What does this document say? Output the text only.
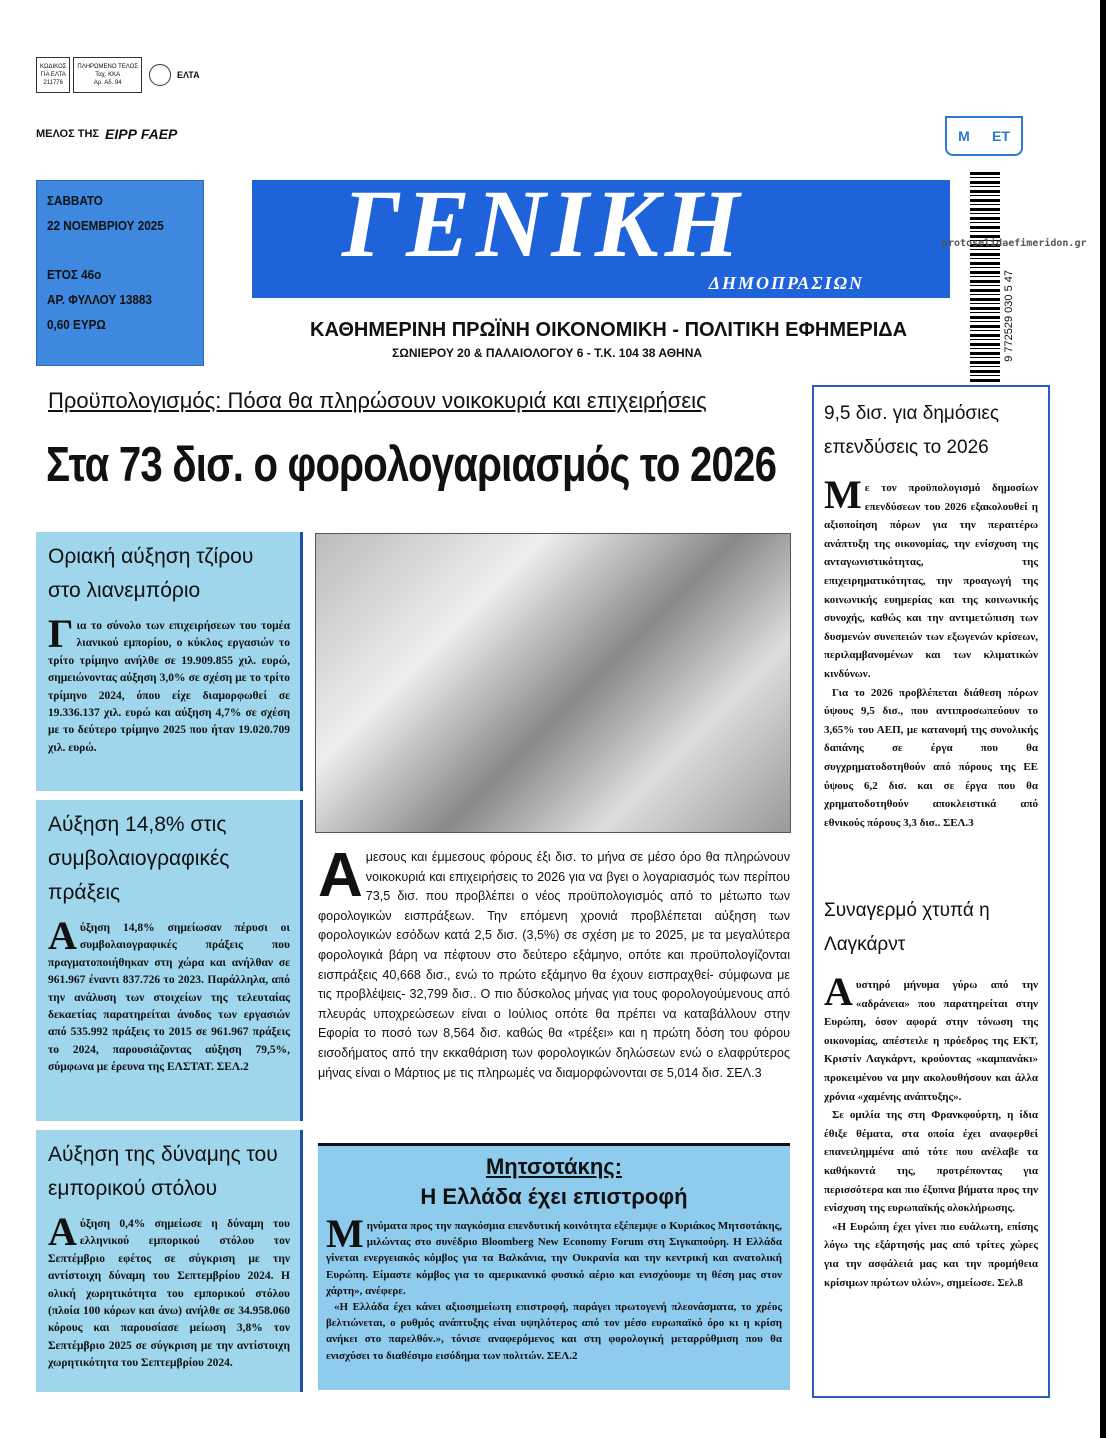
ΚΩΔΙΚΟΣ
ΓΙΑ ΕΛΤΑ
211776
ΠΛΗΡΩΜΕΝΟ ΤΕΛΟΣ
Ταχ. ΚΚΑ
Αρ. Αδ. 94
ΕΛΤΑ
ΜΕΛΟΣ ΤΗΣ ΕΙΡΡ FAEP
ΣΑΒΒΑΤΟ
22 ΝΟΕΜΒΡΙΟΥ 2025
ΕΤΟΣ 46ο
ΑΡ. ΦΥΛΛΟΥ 13883
0,60 ΕΥΡΩ
ΓΕΝΙΚΗ
ΔΗΜΟΠΡΑΣΙΩΝ
ΚΑΘΗΜΕΡΙΝΗ ΠΡΩΪΝΗ ΟΙΚΟΝΟΜΙΚΗ - ΠΟΛΙΤΙΚΗ ΕΦΗΜΕΡΙΔΑ
ΣΩΝΙΕΡΟΥ 20 & ΠΑΛΑΙΟΛΟΓΟΥ 6 - Τ.Κ. 104 38 ΑΘΗΝΑ
Μ ΕΤ
9 772529 030 5 47
protoselidaefimeridon.gr
Προϋπολογισμός: Πόσα θα πληρώσουν νοικοκυριά και επιχειρήσεις
Στα 73 δισ. ο φορολογαριασμός το 2026
Οριακή αύξηση τζίρου στο λιανεμπόριο

Για το σύνολο των επιχειρήσεων του τομέα λιανικού εμπορίου, ο κύκλος εργασιών το τρίτο τρίμηνο ανήλθε σε 19.909.855 χιλ. ευρώ, σημειώνοντας αύξηση 3,0% σε σχέση με το τρίτο τρίμηνο 2024, όπου είχε διαμορφωθεί σε 19.336.137 χιλ. ευρώ και αύξηση 4,7% σε σχέση με το δεύτερο τρίμηνο 2025 που ήταν 19.020.709 χιλ. ευρώ.

Αύξηση 14,8% στις συμβολαιογραφικές πράξεις

Αύξηση 14,8% σημείωσαν πέρυσι οι συμβολαιογραφικές πράξεις που πραγματοποιήθηκαν στη χώρα και ανήλθαν σε 961.967 έναντι 837.726 το 2023. Παράλληλα, από την ανάλυση των στοιχείων της τελευταίας δεκαετίας παρατηρείται άνοδος των εργασιών από 535.992 πράξεις το 2015 σε 961.967 πράξεις το 2024, παρουσιάζοντας αύξηση 79,5%, σύμφωνα με έρευνα της ΕΛΣΤΑΤ. ΣΕΛ.2

Αύξηση της δύναμης του εμπορικού στόλου

Αύξηση 0,4% σημείωσε η δύναμη του ελληνικού εμπορικού στόλου τον Σεπτέμβριο εφέτος σε σύγκριση με την αντίστοιχη δύναμη του Σεπτεμβρίου 2024. Η ολική χωρητικότητα του εμπορικού στόλου (πλοία 100 κόρων και άνω) ανήλθε σε 34.958.060 κόρους και παρουσίασε μείωση 3,8% τον Σεπτέμβριο 2025 σε σύγκριση με την αντίστοιχη χωρητικότητα του Σεπτεμβρίου 2024.

Αμεσους και έμμεσους φόρους έξι δισ. το μήνα σε μέσο όρο θα πληρώνουν νοικοκυριά και επιχειρήσεις το 2026 για να βγει ο λογαριασμός των περίπου 73,5 δισ. που προβλέπει ο νέος προϋπολογισμός από το μέτωπο των φορολογικών εισπράξεων. Την επόμενη χρονιά προβλέπεται αύξηση των φορολογικών εσόδων κατά 2,5 δισ. (3,5%) σε σχέση με το 2025, με τα μεγαλύτερα φορολογικά βάρη να πέφτουν στο δεύτερο εξάμηνο, οπότε και προϋπολογίζονται εισπράξεις 40,668 δισ., ενώ το πρώτο εξάμηνο θα έχουν εισπραχθεί- σύμφωνα με τις προβλέψεις- 32,799 δισ.. Ο πιο δύσκολος μήνας για τους φορολογούμενους από πλευράς υποχρεώσεων είναι ο Ιούλιος οπότε θα πρέπει να καταβάλλουν στην Εφορία το ποσό των 8,564 δισ. καθώς θα «τρέξει» και η πρώτη δόση του φόρου εισοδήματος από την εκκαθάριση των φορολογικών δηλώσεων ενώ ο ελαφρύτερος μήνας είναι ο Μάρτιος με τις πληρωμές να διαμορφώνονται σε 5,014 δισ. ΣΕΛ.3
Μητσοτάκης:
Η Ελλάδα έχει επιστροφή

Μηνύματα προς την παγκόσμια επενδυτική κοινότητα εξέπεμψε ο Κυριάκος Μητσοτάκης, μιλώντας στο συνέδριο Bloomberg New Economy Forum στη Σιγκαπούρη. Η Ελλάδα γίνεται ενεργειακός κόμβος για τα Βαλκάνια, την Ουκρανία και την κεντρική και ανατολική Ευρώπη. Είμαστε κόμβος για το αμερικανικό φυσικό αέριο και ενισχύουμε τη θέση μας στον χάρτη», ανέφερε.

«Η Ελλάδα έχει κάνει αξιοσημείωτη επιστροφή, παράγει πρωτογενή πλεονάσματα, το χρέος βελτιώνεται, ο ρυθμός ανάπτυξης είναι υψηλότερος από τον μέσο ευρωπαϊκό όρο κι η κρίση ανήκει στο παρελθόν.», τόνισε αναφερόμενος και στη φορολογική μεταρρύθμιση που θα ενισχύσει το διαθέσιμο εισόδημα των πολιτών. ΣΕΛ.2

9,5 δισ. για δημόσιες επενδύσεις το 2026

Με τον προϋπολογισμό δημοσίων επενδύσεων του 2026 εξακολουθεί η αξιοποίηση πόρων για την περαιτέρω ανάπτυξη της οικονομίας, την ενίσχυση της ανταγωνιστικότητας, της επιχειρηματικότητας, την προαγωγή της κοινωνικής ευημερίας και της κοινωνικής συνοχής, καθώς και την αντιμετώπιση των δυσμενών συνεπειών των εξωγενών κρίσεων, περιλαμβανομένων και των κλιματικών κινδύνων.

Για το 2026 προβλέπεται διάθεση πόρων ύψους 9,5 δισ., που αντιπροσωπεύουν το 3,65% του ΑΕΠ, με κατανομή της συνολικής δαπάνης σε έργα που θα συγχρηματοδοτηθούν από πόρους της ΕΕ ύψους 6,2 δισ. και σε έργα που θα χρηματοδοτηθούν αποκλειστικά από εθνικούς πόρους 3,3 δισ.. ΣΕΛ.3

Συναγερμό χτυπά η Λαγκάρντ

Αυστηρό μήνυμα γύρω από την «αδράνεια» που παρατηρείται στην Ευρώπη, όσον αφορά στην τόνωση της οικονομίας, απέστειλε η πρόεδρος της ΕΚΤ, Κριστίν Λαγκάρντ, κρούοντας «καμπανάκι» προκειμένου να μην ακολουθήσουν και άλλα χρόνια «χαμένης ανάπτυξης».

Σε ομιλία της στη Φρανκφούρτη, η ίδια έθιξε θέματα, στα οποία έχει αναφερθεί επανειλημμένα από τότε που ανέλαβε τα καθήκοντά της, προτρέποντας για περισσότερα και πιο έξυπνα βήματα προς την ενίσχυση της ευρωπαϊκής ολοκλήρωσης.

«Η Ευρώπη έχει γίνει πιο ευάλωτη, επίσης λόγω της εξάρτησής μας από τρίτες χώρες για την ασφάλειά μας και την προμήθεια κρίσιμων πρώτων υλών», σημείωσε. Σελ.8
